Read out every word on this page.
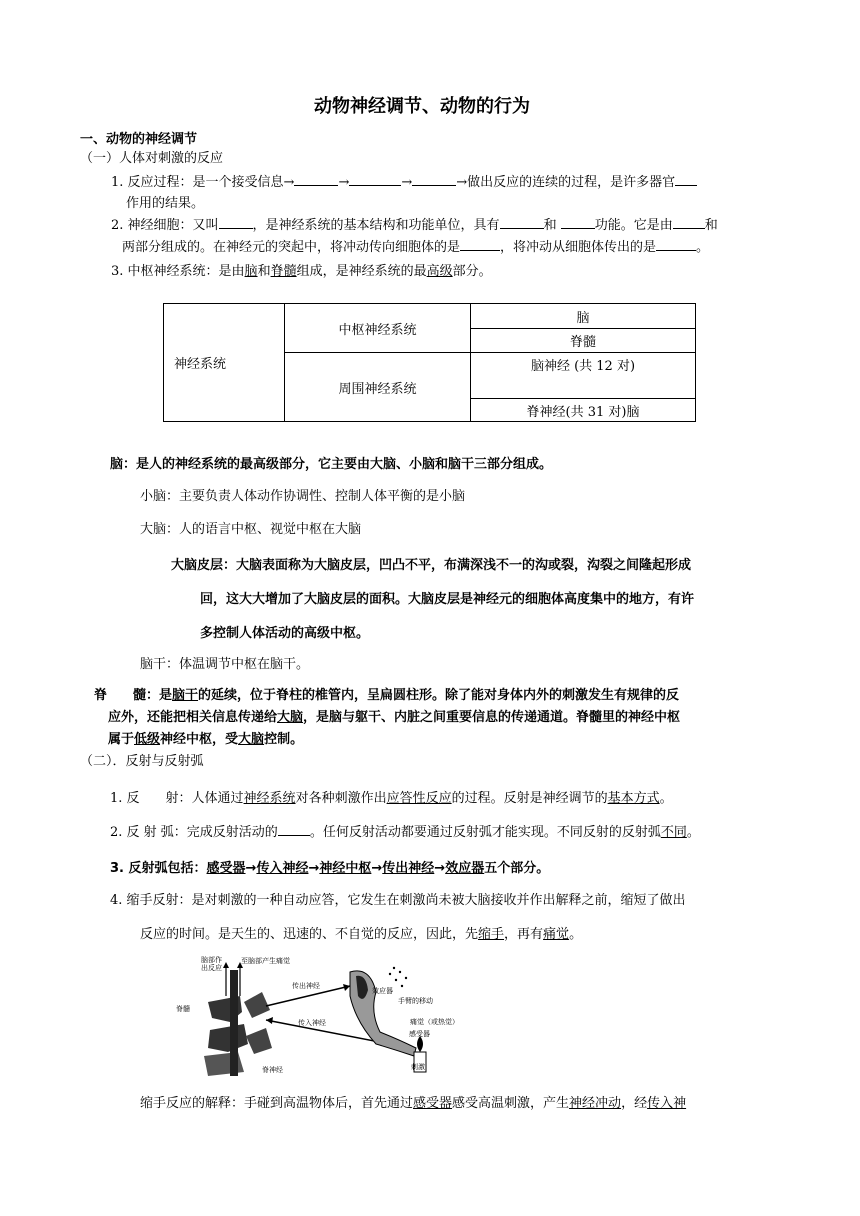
动物神经调节、动物的行为
一、动物的神经调节
（一）人体对刺激的反应
1. 反应过程：是一个接受信息→	→	→	→做出反应的连续的过程，是许多器官
作用的结果。
2. 神经细胞：又叫	，是神经系统的基本结构和功能单位，具有	和	功能。它是由 和
两部分组成的。在神经元的突起中，将冲动传向细胞体的是	，将冲动从细胞体传出的是	。
3. 中枢神经系统：是由脑和脊髓组成，是神经系统的最高级部分。
神经系统	中枢神经系统	脑
		脊髓
	周围神经系统	脑神经 (共 12 对)
		脊神经(共 31 对)脑
脑：是人的神经系统的最高级部分，它主要由大脑、小脑和脑干三部分组成。
小脑：主要负责人体动作协调性、控制人体平衡的是小脑
大脑：人的语言中枢、视觉中枢在大脑
大脑皮层：大脑表面称为大脑皮层，凹凸不平，布满深浅不一的沟或裂，沟裂之间隆起形成
回，这大大增加了大脑皮层的面积。大脑皮层是神经元的细胞体高度集中的地方，有许
多控制人体活动的高级中枢。
脑干：体温调节中枢在脑干。
脊　　髓：是脑干的延续，位于脊柱的椎管内，呈扁圆柱形。除了能对身体内外的刺激发生有规律的反
应外，还能把相关信息传递给大脑，是脑与躯干、内脏之间重要信息的传递通道。脊髓里的神经中枢
属于低级神经中枢，受大脑控制。
（二）．反射与反射弧
1. 反　　射：人体通过神经系统对各种刺激作出应答性反应的过程。反射是神经调节的基本方式。
2. 反 射 弧：完成反射活动的 。任何反射活动都要通过反射弧才能实现。不同反射的反射弧不同。
3. 反射弧包括：感受器→传入神经→神经中枢→传出神经→效应器五个部分。
4. 缩手反射：是对刺激的一种自动应答，它发生在刺激尚未被大脑接收并作出解释之前，缩短了做出
反应的时间。是天生的、迅速的、不自觉的反应，因此，先缩手，再有痛觉。
脑部作
出反应
至脑部产生痛觉
传出神经
效应器
手臂的移动
脊髓
传入神经	痛觉（或热觉）
感受器
脊神经	刺激
缩手反应的解释：手碰到高温物体后，首先通过感受器感受高温刺激，产生神经冲动，经传入神
